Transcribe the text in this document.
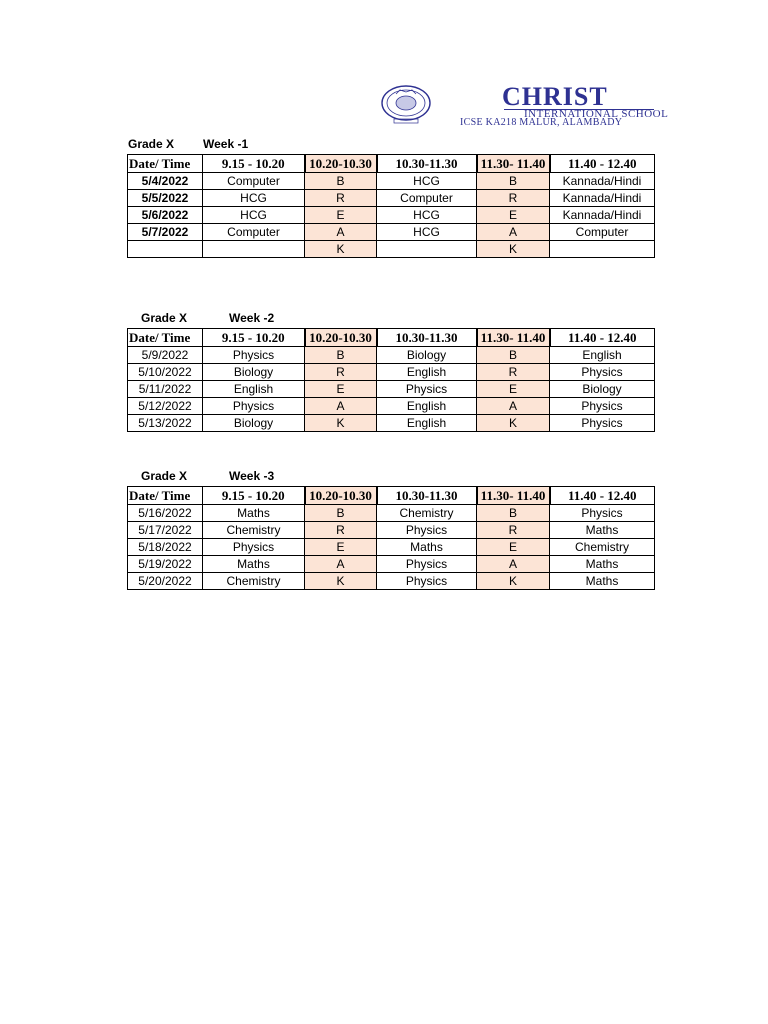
CHRIST
INTERNATIONAL SCHOOL
ICSE KA218 MALUR, ALAMBADY
Grade X Week -1
Date/ Time	9.15 - 10.20	10.20-10.30	10.30-11.30	11.30- 11.40	11.40 - 12.40
5/4/2022	Computer	B	HCG	B	Kannada/Hindi
5/5/2022	HCG	R	Computer	R	Kannada/Hindi
5/6/2022	HCG	E	HCG	E	Kannada/Hindi
5/7/2022	Computer	A	HCG	A	Computer
		K		K	
Grade X	Week -2
Date/ Time	9.15 - 10.20	10.20-10.30	10.30-11.30	11.30- 11.40	11.40 - 12.40
5/9/2022	Physics	B	Biology	B	English
5/10/2022	Biology	R	English	R	Physics
5/11/2022	English	E	Physics	E	Biology
5/12/2022	Physics	A	English	A	Physics
5/13/2022	Biology	K	English	K	Physics
Grade X	Week -3
Date/ Time	9.15 - 10.20	10.20-10.30	10.30-11.30	11.30- 11.40	11.40 - 12.40
5/16/2022	Maths	B	Chemistry	B	Physics
5/17/2022	Chemistry	R	Physics	R	Maths
5/18/2022	Physics	E	Maths	E	Chemistry
5/19/2022	Maths	A	Physics	A	Maths
5/20/2022	Chemistry	K	Physics	K	Maths
